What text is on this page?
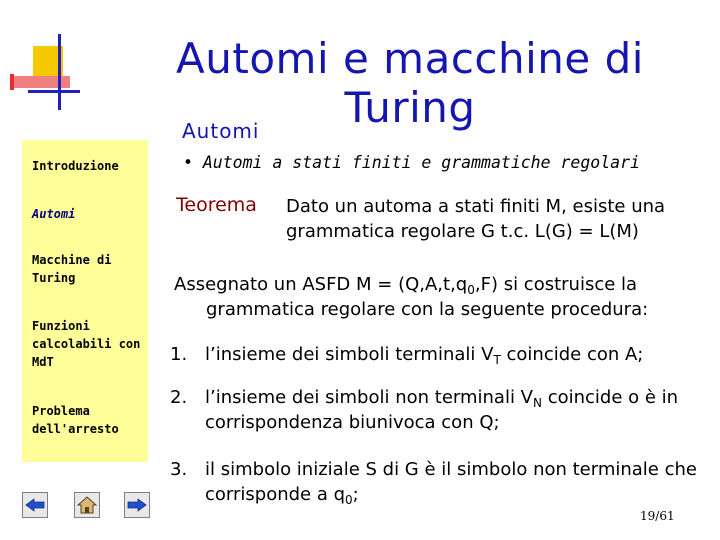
Automi e macchine di Turing
Automi
Introduzione
Automi
Macchine di Turing
Funzioni calcolabili con MdT
Problema dell'arresto
• Automi a stati finiti e grammatiche regolari
Teorema Dato un automa a stati finiti M, esiste una grammatica regolare G t.c. L(G) = L(M)
Assegnato un ASFD $M = (Q,A,t,q_0,F)$ si costruisce la
grammatica regolare con la seguente procedura:
1. l’insieme dei simboli terminali $V_T$ coincide con A;
2. l’insieme dei simboli non terminali $V_N$ coincide o è in corrispondenza biunivoca con Q;
3. il simbolo iniziale S di G è il simbolo non terminale che corrisponde a $q_0$;
19/61
